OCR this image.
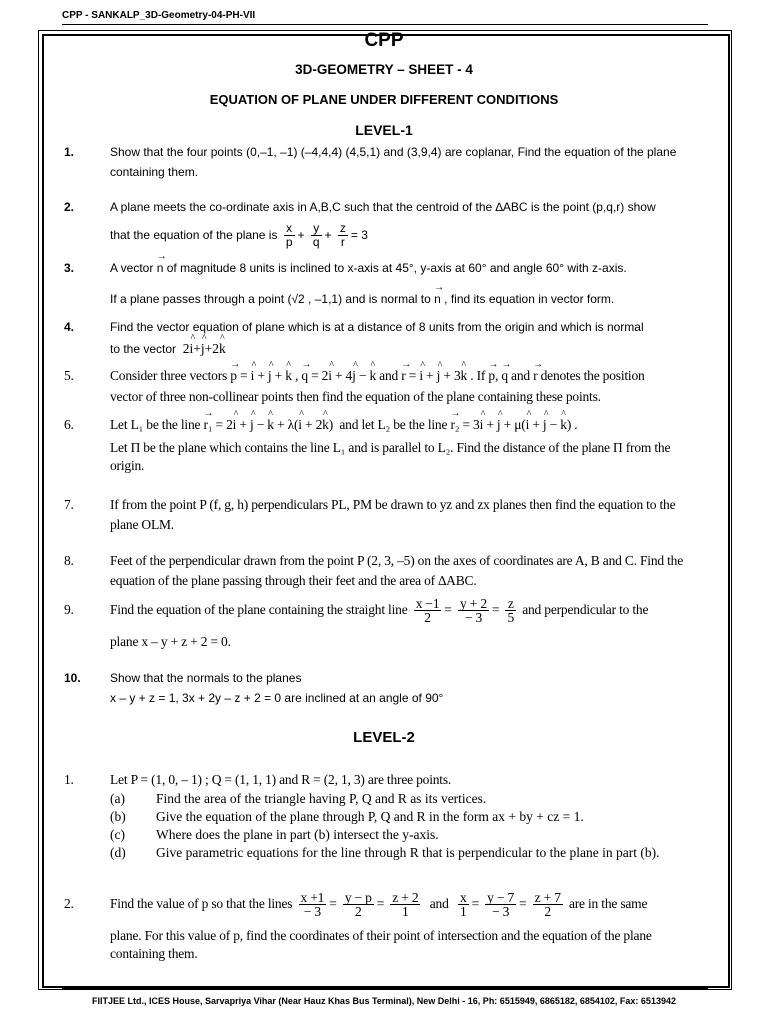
CPP - SANKALP_3D-Geometry-04-PH-VII
CPP
3D-GEOMETRY – SHEET - 4
EQUATION OF PLANE UNDER DIFFERENT CONDITIONS
LEVEL-1
1.	Show that the four points (0,–1, –1) (–4,4,4) (4,5,1) and (3,9,4) are coplanar, Find the equation of the plane containing them.
2.	A plane meets the co-ordinate axis in A,B,C such that the centroid of the ∆ABC is the point (p,q,r) show
that the equation of the plane is $\frac{x}{p} + \frac{y}{q} + \frac{z}{r} = 3$
3.	A vector → n of magnitude 8 units is inclined to x-axis at 45°, y-axis at 60° and angle 60° with z-axis.
If a plane passes through a point (√2 , –1,1) and is normal to → n , find its equation in vector form.
4.	Find the vector equation of plane which is at a distance of 8 units from the origin and which is normal
to the vector  2^ i+^ j+2^ k
5.	Consider three vectors → p = ^ i + ^ j + ^ k , → q = 2^ i + 4^ j − ^ k and → r = ^ i + ^ j + 3^ k . If → p, → q and → r denotes the position
vector of three non-collinear points then find the equation of the plane containing these points.
6.	Let L₁ be the line → r₁ = 2^ i + ^ j − ^ k + λ(^ i + 2^ k)  and let L₂ be the line → r₂ = 3^ i + ^ j + μ(^ i + ^ j − ^ k) .
Let Π be the plane which contains the line L₁ and is parallel to L₂. Find the distance of the plane Π from the
origin.
7.	If from the point P (f, g, h) perpendiculars PL, PM be drawn to yz and zx planes then find the equation to the plane OLM.
8.	Feet of the perpendicular drawn from the point P (2, 3, –5) on the axes of coordinates are A, B and C. Find the equation of the plane passing through their feet and the area of ∆ABC.
9.	Find the equation of the plane containing the straight line $\frac{x -1}{2} = \frac{y + 2}{- 3} = \frac{z}{5}$ and perpendicular to the
plane x – y + z + 2 = 0.
10. Show that the normals to the planes
x – y + z = 1, 3x + 2y – z + 2 = 0 are inclined at an angle of 90°
LEVEL-2
1.	Let P = (1, 0, – 1) ; Q = (1, 1, 1) and R = (2, 1, 3) are three points.
(a) Find the area of the triangle having P, Q and R as its vertices.
(b) Give the equation of the plane through P, Q and R in the form ax + by + cz = 1.
(c) Where does the plane in part (b) intersect the y-axis.
(d) Give parametric equations for the line through R that is perpendicular to the plane in part (b).
2.	Find the value of p so that the lines $\frac{x +1}{- 3} = \frac{y - p}{2} = \frac{z + 2}{1}$ and $\frac{x}{1} = \frac{y - 7}{- 3} = \frac{z + 7}{2}$ are in the same
plane. For this value of p, find the coordinates of their point of intersection and the equation of the plane
containing them.
FIITJEE Ltd., ICES House, Sarvapriya Vihar (Near Hauz Khas Bus Terminal), New Delhi - 16, Ph: 6515949, 6865182, 6854102, Fax: 6513942
